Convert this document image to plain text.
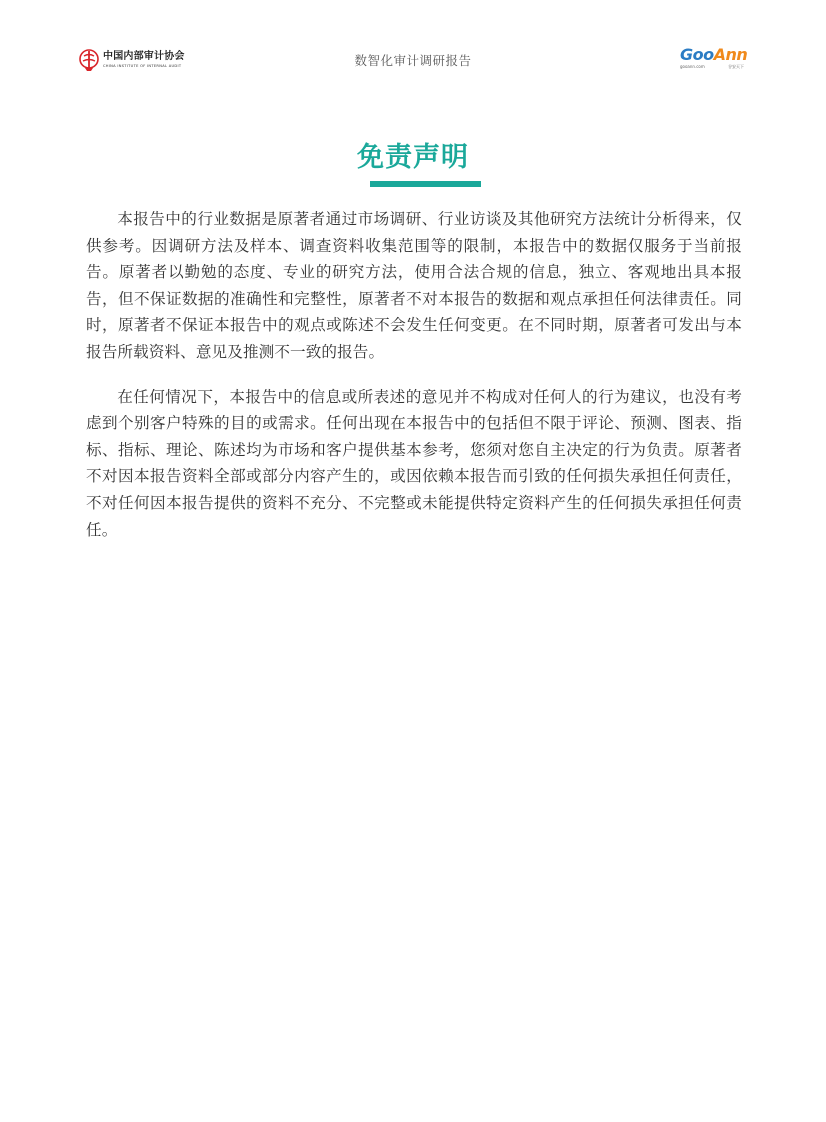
中国内部审计协会
CHINA INSTITUTE OF INTERNAL AUDIT	数智化审计调研报告	GooAnn
gooann.com	谷安天下
免责声明

本报告中的行业数据是原著者通过市场调研、行业访谈及其他研究方法统计分析得来，仅供参考。因调研方法及样本、调查资料收集范围等的限制，本报告中的数据仅服务于当前报告。原著者以勤勉的态度、专业的研究方法，使用合法合规的信息，独立、客观地出具本报告，但不保证数据的准确性和完整性，原著者不对本报告的数据和观点承担任何法律责任。同时，原著者不保证本报告中的观点或陈述不会发生任何变更。在不同时期，原著者可发出与本报告所载资料、意见及推测不一致的报告。

在任何情况下，本报告中的信息或所表述的意见并不构成对任何人的行为建议，也没有考虑到个别客户特殊的目的或需求。任何出现在本报告中的包括但不限于评论、预测、图表、指标、指标、理论、陈述均为市场和客户提供基本参考，您须对您自主决定的行为负责。原著者不对因本报告资料全部或部分内容产生的，或因依赖本报告而引致的任何损失承担任何责任，不对任何因本报告提供的资料不充分、不完整或未能提供特定资料产生的任何损失承担任何责任。
